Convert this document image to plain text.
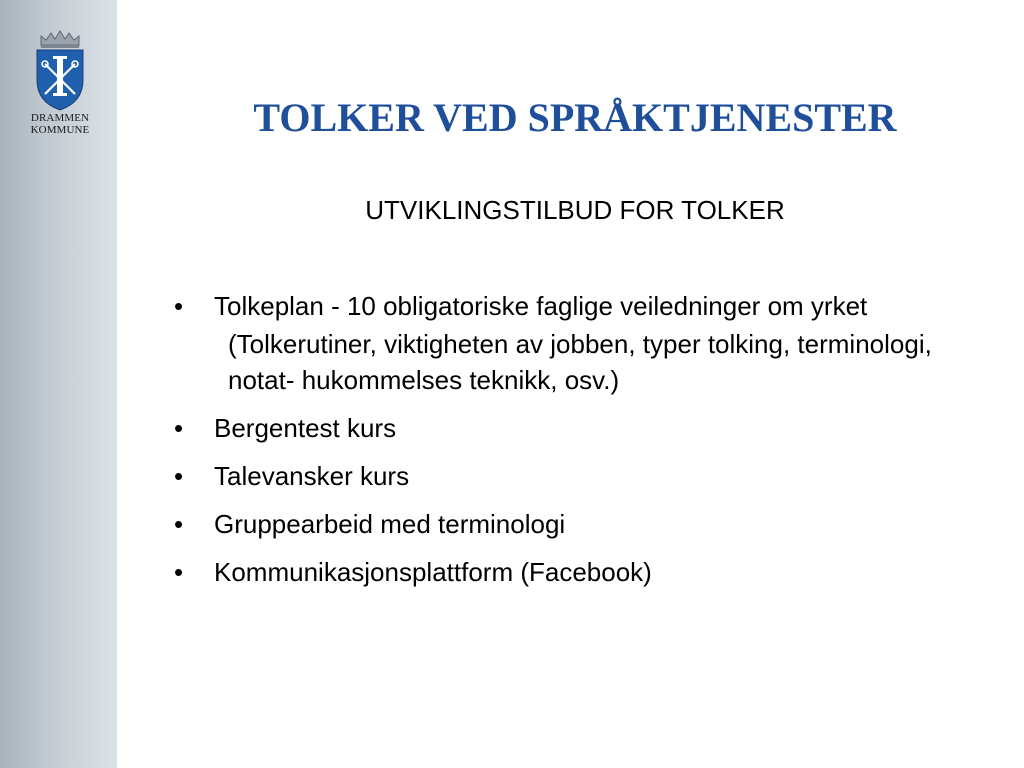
DRAMMEN
KOMMUNE	TOLKER VED SPRÅKTJENESTER

UTVIKLINGSTILBUD FOR TOLKER

• Tolkeplan - 10 obligatoriske faglige veiledninger om yrket
(Tolkerutiner, viktigheten av jobben, typer tolking, terminologi, notat- hukommelses teknikk, osv.)
• Bergentest kurs
• Talevansker kurs
• Gruppearbeid med terminologi
• Kommunikasjonsplattform (Facebook)
